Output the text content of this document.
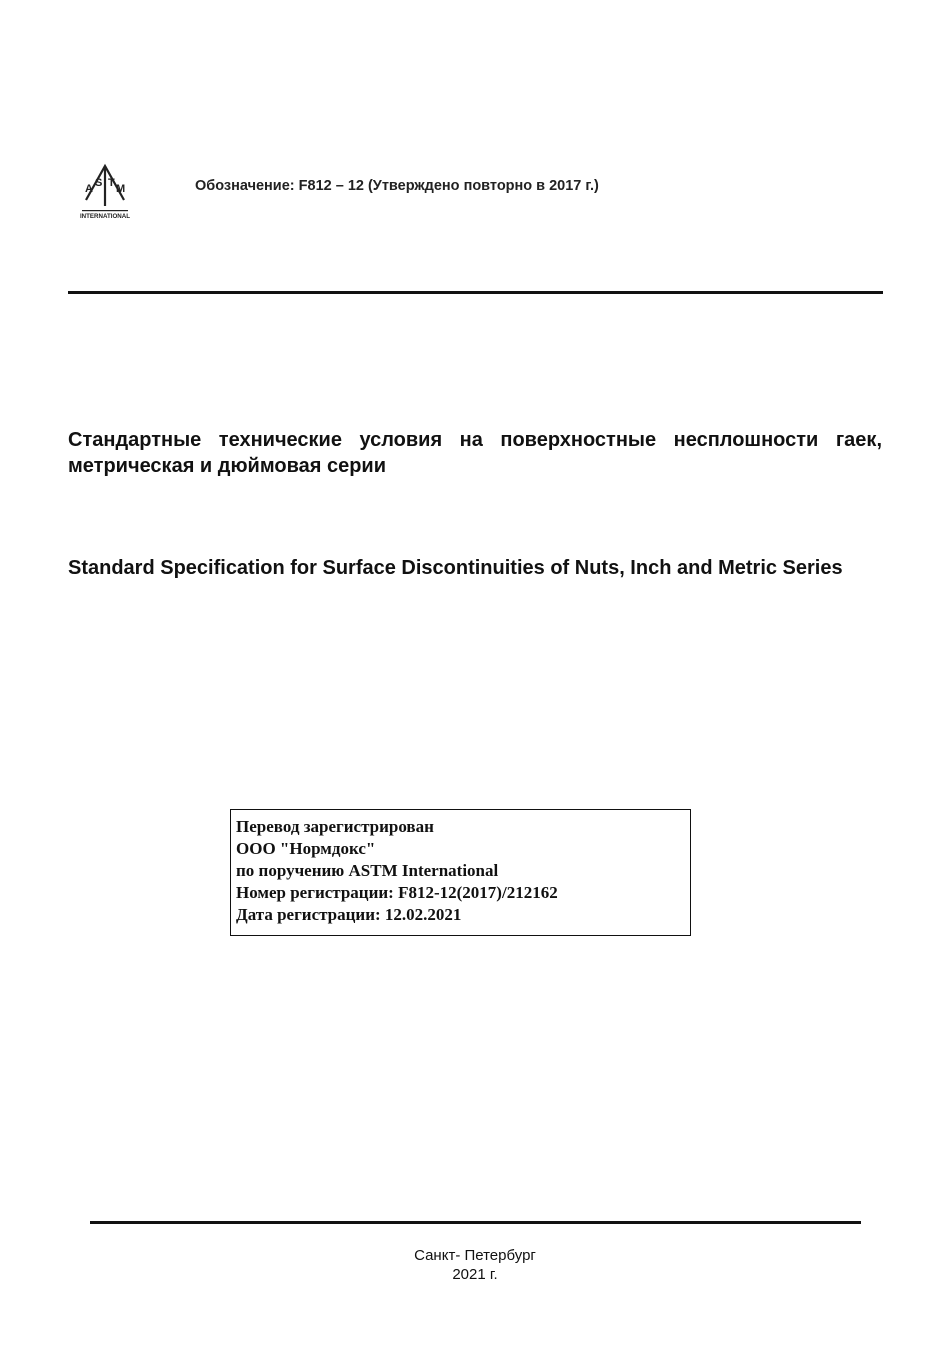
A S T M
INTERNATIONAL
Обозначение: F812 – 12 (Утверждено повторно в 2017 г.)
Стандартные технические условия на поверхностные несплошности гаек, метрическая и дюймовая серии
Standard Specification for Surface Discontinuities of Nuts, Inch and Metric Series
Перевод зарегистрирован
ООО "Нормдокс"
по поручению ASTM International
Номер регистрации: F812-12(2017)/212162
Дата регистрации: 12.02.2021
Санкт- Петербург
2021 г.
